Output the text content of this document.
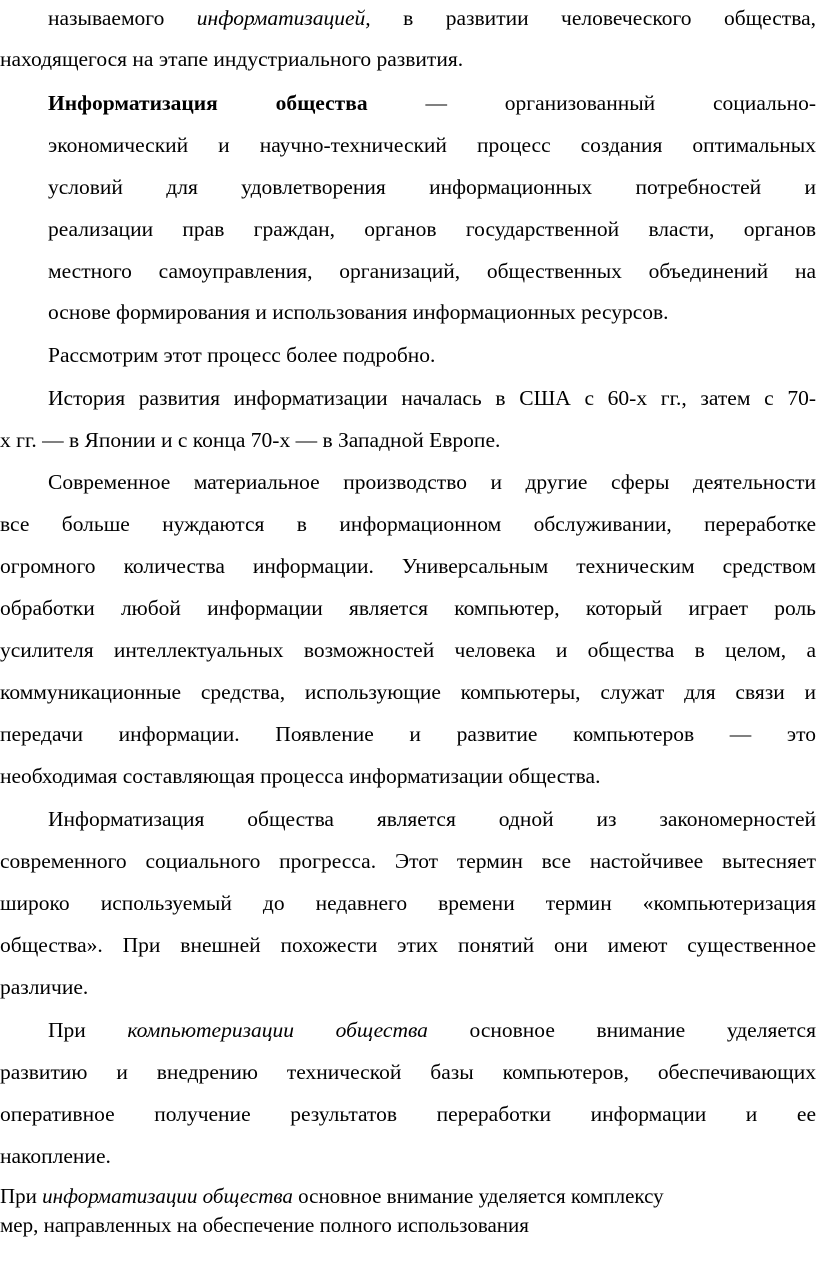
называемого информатизацией, в развитии человеческого общества,
находящегося на этапе индустриального развития.
Информатизация общества — организованный социально-
экономический и научно-технический процесс создания оптимальных
условий для удовлетворения информационных потребностей и
реализации прав граждан, органов государственной власти, органов
местного самоуправления, организаций, общественных объединений на
основе формирования и использования информационных ресурсов.
Рассмотрим этот процесс более подробно.
История развития информатизации началась в США с 60-х гг., затем с 70-
х гг. — в Японии и с конца 70-х — в Западной Европе.
Современное материальное производство и другие сферы деятельности
все больше нуждаются в информационном обслуживании, переработке
огромного количества информации. Универсальным техническим средством
обработки любой информации является компьютер, который играет роль
усилителя интеллектуальных возможностей человека и общества в целом, а
коммуникационные средства, использующие компьютеры, служат для связи и
передачи информации. Появление и развитие компьютеров — это
необходимая составляющая процесса информатизации общества.
Информатизация общества является одной из закономерностей
современного социального прогресса. Этот термин все настойчивее вытесняет
широко используемый до недавнего времени термин «компьютеризация
общества». При внешней похожести этих понятий они имеют существенное
различие.
При компьютеризации общества основное внимание уделяется
развитию и внедрению технической базы компьютеров, обеспечивающих
оперативное получение результатов переработки информации и ее
накопление.
При информатизации общества основное внимание уделяется комплексу
мер, направленных на обеспечение полного использования
